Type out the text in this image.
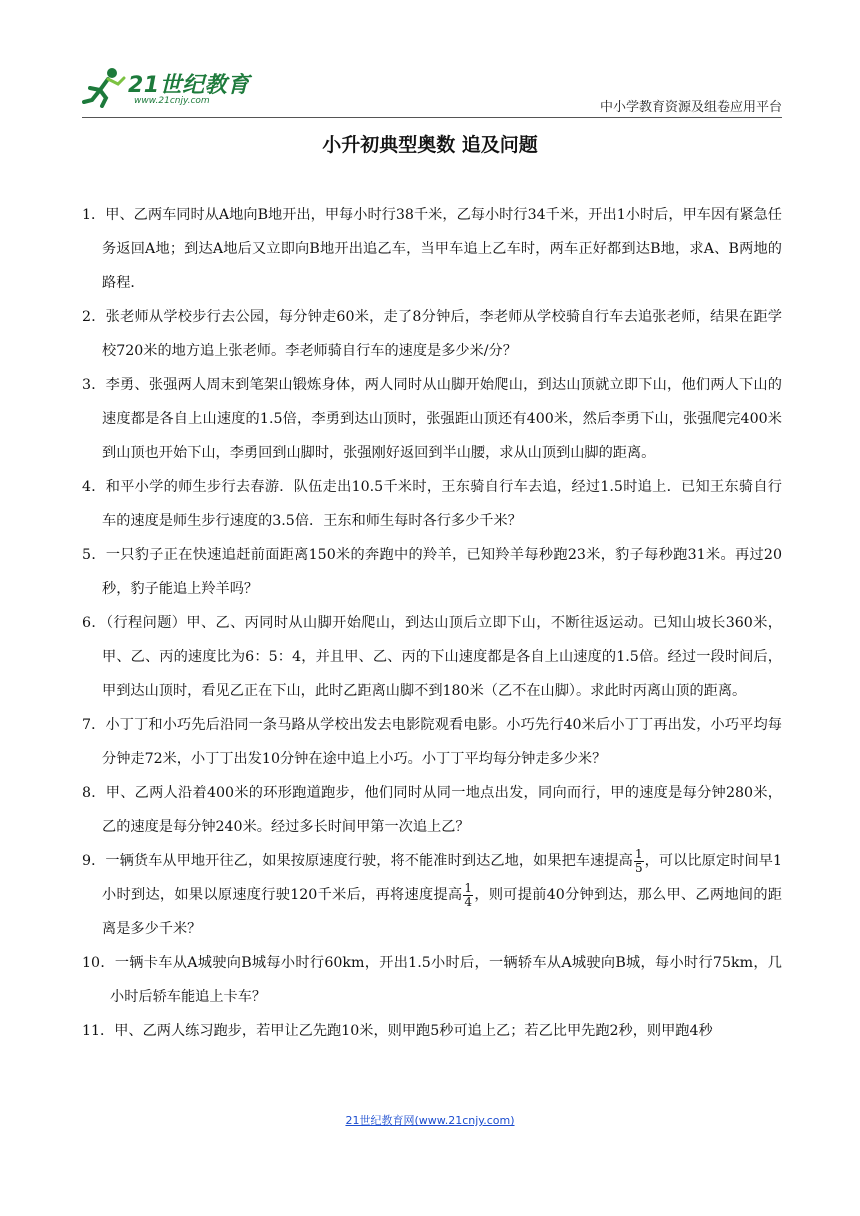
21世纪教育
www.21cnjy.com	中小学教育资源及组卷应用平台
小升初典型奥数 追及问题

1．甲、乙两车同时从A地向B地开出，甲每小时行38千米，乙每小时行34千米，开出1小时后，甲车因有紧急任务返回A地；到达A地后又立即向B地开出追乙车，当甲车追上乙车时，两车正好都到达B地，求A、B两地的路程．

2．张老师从学校步行去公园，每分钟走60米，走了8分钟后，李老师从学校骑自行车去追张老师，结果在距学校720米的地方追上张老师。李老师骑自行车的速度是多少米/分？

3．李勇、张强两人周末到笔架山锻炼身体，两人同时从山脚开始爬山，到达山顶就立即下山，他们两人下山的速度都是各自上山速度的1.5倍，李勇到达山顶时，张强距山顶还有400米，然后李勇下山，张强爬完400米到山顶也开始下山，李勇回到山脚时，张强刚好返回到半山腰，求从山顶到山脚的距离。

4．和平小学的师生步行去春游．队伍走出10.5千米时，王东骑自行车去追，经过1.5时追上．已知王东骑自行车的速度是师生步行速度的3.5倍．王东和师生每时各行多少千米？

5．一只豹子正在快速追赶前面距离150米的奔跑中的羚羊，已知羚羊每秒跑23米，豹子每秒跑31米。再过20秒，豹子能追上羚羊吗？

6．（行程问题）甲、乙、丙同时从山脚开始爬山，到达山顶后立即下山，不断往返运动。已知山坡长360米，甲、乙、丙的速度比为6：5：4，并且甲、乙、丙的下山速度都是各自上山速度的1.5倍。经过一段时间后，甲到达山顶时，看见乙正在下山，此时乙距离山脚不到180米（乙不在山脚）。求此时丙离山顶的距离。

7．小丁丁和小巧先后沿同一条马路从学校出发去电影院观看电影。小巧先行40米后小丁丁再出发，小巧平均每分钟走72米，小丁丁出发10分钟在途中追上小巧。小丁丁平均每分钟走多少米？

8．甲、乙两人沿着400米的环形跑道跑步，他们同时从同一地点出发，同向而行，甲的速度是每分钟280米，乙的速度是每分钟240米。经过多长时间甲第一次追上乙？

9．一辆货车从甲地开往乙，如果按原速度行驶，将不能准时到达乙地，如果把车速提高 $\frac{1}{5}$ ，可以比原定时间早1小时到达，如果以原速度行驶120千米后，再将速度提高 $\frac{1}{4}$ ，则可提前40分钟到达，那么甲、乙两地间的距离是多少千米？

10．一辆卡车从A城驶向B城每小时行60km，开出1.5小时后，一辆轿车从A城驶向B城，每小时行75km，几小时后轿车能追上卡车？

11．甲、乙两人练习跑步，若甲让乙先跑10米，则甲跑5秒可追上乙；若乙比甲先跑2秒，则甲跑4秒

21世纪教育网(www.21cnjy.com)
